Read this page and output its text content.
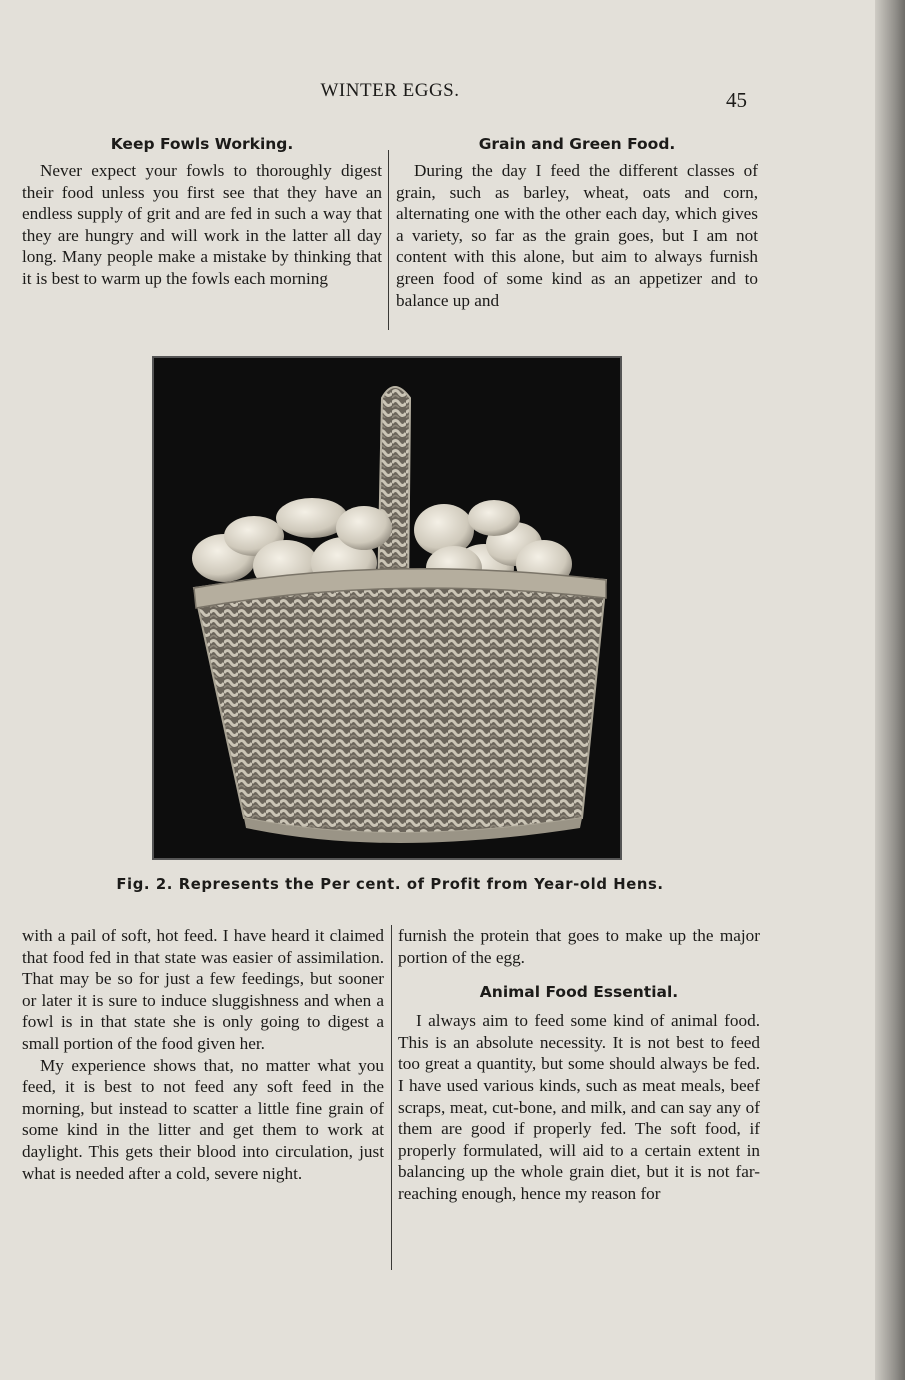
WINTER EGGS.	45
Keep Fowls Working.	Grain and Green Food.

Never expect your fowls to thoroughly digest their food unless you first see that they have an endless supply of grit and are fed in such a way that they are hungry and will work in the latter all day long. Many people make a mistake by thinking that it is best to warm up the fowls each morning

During the day I feed the different classes of grain, such as barley, wheat, oats and corn, alternating one with the other each day, which gives a variety, so far as the grain goes, but I am not content with this alone, but aim to always furnish green food of some kind as an appetizer and to balance up and

Fig. 2. Represents the Per cent. of Profit from Year-old Hens.

with a pail of soft, hot feed. I have heard it claimed that food fed in that state was easier of assimilation. That may be so for just a few feedings, but sooner or later it is sure to induce sluggishness and when a fowl is in that state she is only going to digest a small portion of the food given her.

My experience shows that, no matter what you feed, it is best to not feed any soft feed in the morning, but instead to scatter a little fine grain of some kind in the litter and get them to work at daylight. This gets their blood into circulation, just what is needed after a cold, severe night.

furnish the protein that goes to make up the major portion of the egg.

Animal Food Essential.

I always aim to feed some kind of animal food. This is an absolute necessity. It is not best to feed too great a quantity, but some should always be fed. I have used various kinds, such as meat meals, beef scraps, meat, cut-bone, and milk, and can say any of them are good if properly fed. The soft food, if properly formulated, will aid to a certain extent in balancing up the whole grain diet, but it is not far-reaching enough, hence my reason for
